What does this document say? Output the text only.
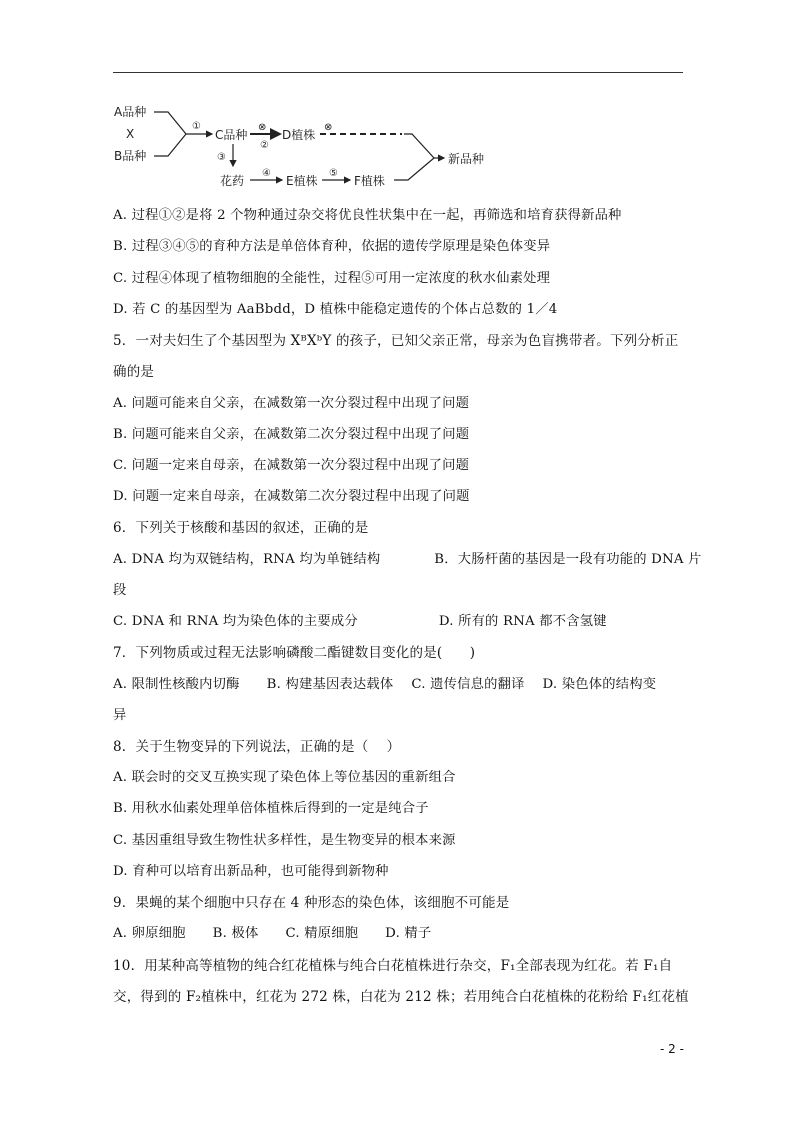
A品种
X
B品种
①
C品种
⊗
②
D植株
⊗
新品种
③
花药
④
E植株
⑤
F植株
A. 过程①②是将 2 个物种通过杂交将优良性状集中在一起，再筛选和培育获得新品种
B. 过程③④⑤的育种方法是单倍体育种，依据的遗传学原理是染色体变异
C. 过程④体现了植物细胞的全能性，过程⑤可用一定浓度的秋水仙素处理
D. 若 C 的基因型为 AaBbdd，D 植株中能稳定遗传的个体占总数的 1／4
5．一对夫妇生了个基因型为 XᴮXᵇY 的孩子，已知父亲正常，母亲为色盲携带者。下列分析正
确的是
A. 问题可能来自父亲，在减数第一次分裂过程中出现了问题
B. 问题可能来自父亲，在减数第二次分裂过程中出现了问题
C. 问题一定来自母亲，在减数第一次分裂过程中出现了问题
D. 问题一定来自母亲，在减数第二次分裂过程中出现了问题
6．下列关于核酸和基因的叙述，正确的是
A. DNA 均为双链结构，RNA 均为单链结构　　　　B．大肠杆菌的基因是一段有功能的 DNA 片
段
C. DNA 和 RNA 均为染色体的主要成分　　　　　　D. 所有的 RNA 都不含氢键
7．下列物质或过程无法影响磷酸二酯键数目变化的是(　　)
A. 限制性核酸内切酶　　B. 构建基因表达载体　 C. 遗传信息的翻译　 D. 染色体的结构变
异
8．关于生物变异的下列说法，正确的是（　 ）
A. 联会时的交叉互换实现了染色体上等位基因的重新组合
B. 用秋水仙素处理单倍体植株后得到的一定是纯合子
C. 基因重组导致生物性状多样性，是生物变异的根本来源
D. 育种可以培育出新品种，也可能得到新物种
9．果蝇的某个细胞中只存在 4 种形态的染色体，该细胞不可能是
A. 卵原细胞　　B. 极体　　C. 精原细胞　　D. 精子
10．用某种高等植物的纯合红花植株与纯合白花植株进行杂交，F₁全部表现为红花。若 F₁自
交，得到的 F₂植株中，红花为 272 株，白花为 212 株；若用纯合白花植株的花粉给 F₁红花植
- 2 -
